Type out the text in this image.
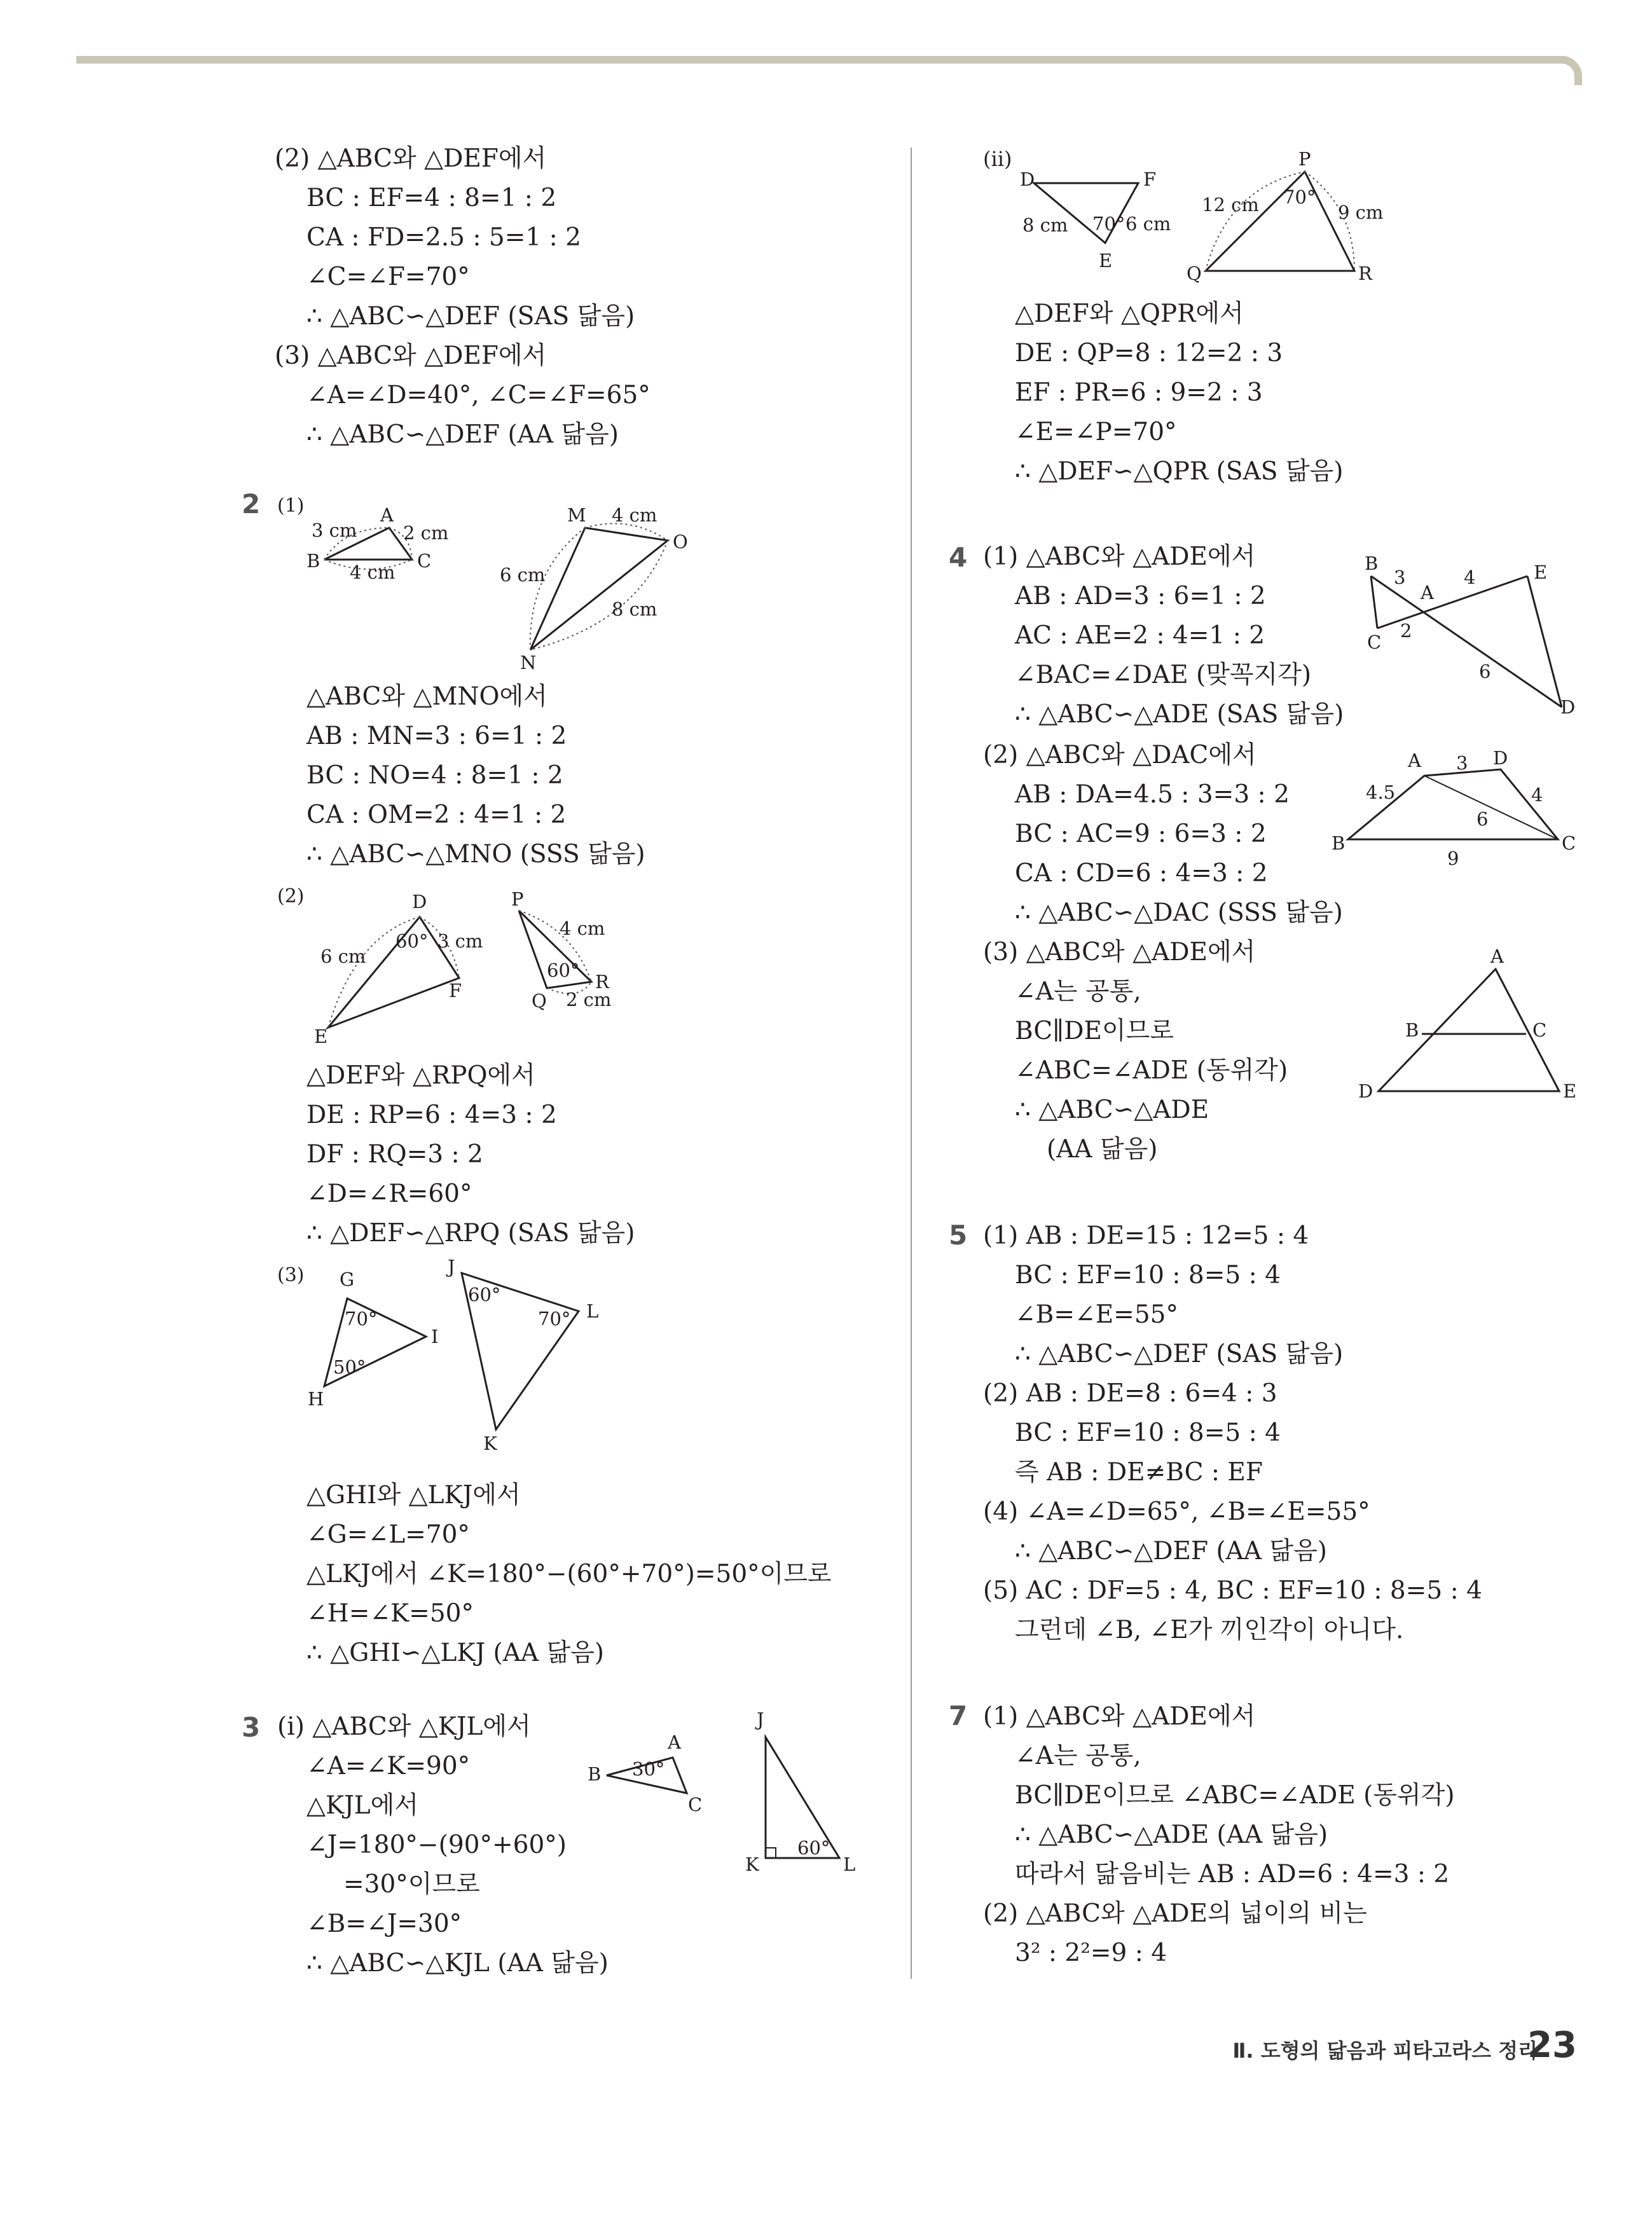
(2) △ABC와 △DEF에서
BC : EF=4 : 8=1 : 2
CA : FD=2.5 : 5=1 : 2
∠C=∠F=70°
∴ △ABC∽△DEF (SAS 닮음)
(3) △ABC와 △DEF에서
∠A=∠D=40°, ∠C=∠F=65°
∴ △ABC∽△DEF (AA 닮음)
2 (1)	A
B	C
3 cm	2 cm
4 cm
M
O
N
4 cm
6 cm
8 cm
△ABC와 △MNO에서
AB : MN=3 : 6=1 : 2
BC : NO=4 : 8=1 : 2
CA : OM=2 : 4=1 : 2
∴ △ABC∽△MNO (SSS 닮음)
(2)	D
E
F
6 cm
3 cm
60°
P
Q
R
4 cm
2 cm
60°
△DEF와 △RPQ에서
DE : RP=6 : 4=3 : 2
DF : RQ=3 : 2
∠D=∠R=60°
∴ △DEF∽△RPQ (SAS 닮음)
(3) G
H
I
70°
50°
J
K
L
60°
70°
△GHI와 △LKJ에서
∠G=∠L=70°
△LKJ에서 ∠K=180°−(60°+70°)=50°이므로
∠H=∠K=50°
∴ △GHI∽△LKJ (AA 닮음)
3 (ⅰ) △ABC와 △KJL에서
∠A=∠K=90°
△KJL에서
∠J=180°−(90°+60°)
=30°이므로
∠B=∠J=30°
∴ △ABC∽△KJL (AA 닮음)
A
B
C
30°
J
K	L
60°
(ⅱ)
D	F
E
8 cm	6 cm
70°
P
Q	R
12 cm	9 cm
70°
△DEF와 △QPR에서
DE : QP=8 : 12=2 : 3
EF : PR=6 : 9=2 : 3
∠E=∠P=70°
∴ △DEF∽△QPR (SAS 닮음)
4 (1) △ABC와 △ADE에서
AB : AD=3 : 6=1 : 2
AC : AE=2 : 4=1 : 2
∠BAC=∠DAE (맞꼭지각)
∴ △ABC∽△ADE (SAS 닮음)
B
C
A
E
D
3	4
2
6
(2) △ABC와 △DAC에서
AB : DA=4.5 : 3=3 : 2
BC : AC=9 : 6=3 : 2
CA : CD=6 : 4=3 : 2
∴ △ABC∽△DAC (SSS 닮음)
A
B	C
D
4.5
3
4
6
9
(3) △ABC와 △ADE에서
∠A는 공통,
BC∥DE이므로
∠ABC=∠ADE (동위각)
∴ △ABC∽△ADE
(AA 닮음)
A
B	C
D	E
5 (1) AB : DE=15 : 12=5 : 4
BC : EF=10 : 8=5 : 4
∠B=∠E=55°
∴ △ABC∽△DEF (SAS 닮음)
(2) AB : DE=8 : 6=4 : 3
BC : EF=10 : 8=5 : 4
즉 AB : DE≠BC : EF
(4) ∠A=∠D=65°, ∠B=∠E=55°
∴ △ABC∽△DEF (AA 닮음)
(5) AC : DF=5 : 4, BC : EF=10 : 8=5 : 4
그런데 ∠B, ∠E가 끼인각이 아니다.
7 (1) △ABC와 △ADE에서
∠A는 공통,
BC∥DE이므로 ∠ABC=∠ADE (동위각)
∴ △ABC∽△ADE (AA 닮음)
따라서 닮음비는 AB : AD=6 : 4=3 : 2
(2) △ABC와 △ADE의 넓이의 비는
3² : 2²=9 : 4
Ⅱ. 도형의 닮음과 피타고라스 정리
23
